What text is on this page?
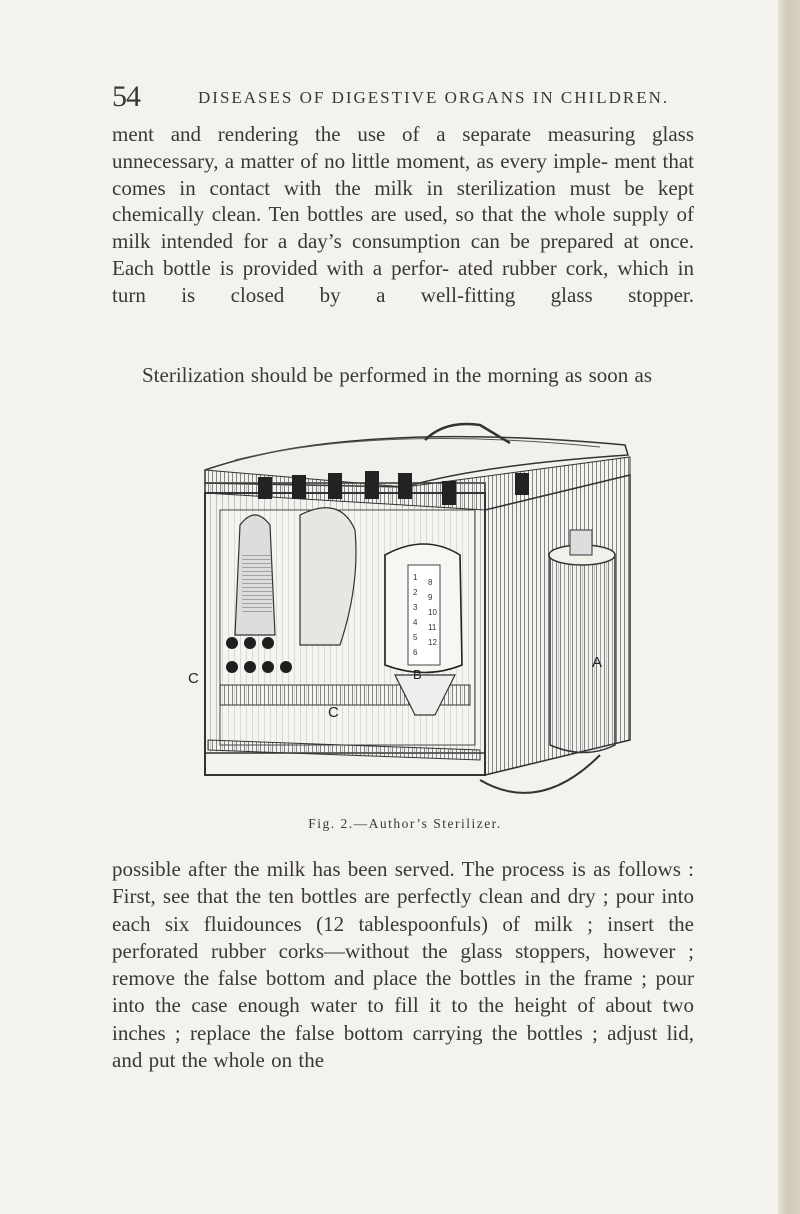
54	DISEASES OF DIGESTIVE ORGANS IN CHILDREN.

ment and rendering the use of a separate measuring glass unnecessary, a matter of no little moment, as every imple- ment that comes in contact with the milk in sterilization must be kept chemically clean. Ten bottles are used, so that the whole supply of milk intended for a day’s consumption can be prepared at once. Each bottle is provided with a perfor- ated rubber cork, which in turn is closed by a well-fitting glass stopper.

Sterilization should be performed in the morning as soon as

1
2
3
4
5
6
8
9
10
11
12
C
C
B
A
Fig. 2.—Author’s Sterilizer.

possible after the milk has been served. The process is as follows : First, see that the ten bottles are perfectly clean and dry ; pour into each six fluidounces (12 tablespoonfuls) of milk ; insert the perforated rubber corks—without the glass stoppers, however ; remove the false bottom and place the bottles in the frame ; pour into the case enough water to fill it to the height of about two inches ; replace the false bottom carrying the bottles ; adjust lid, and put the whole on the
